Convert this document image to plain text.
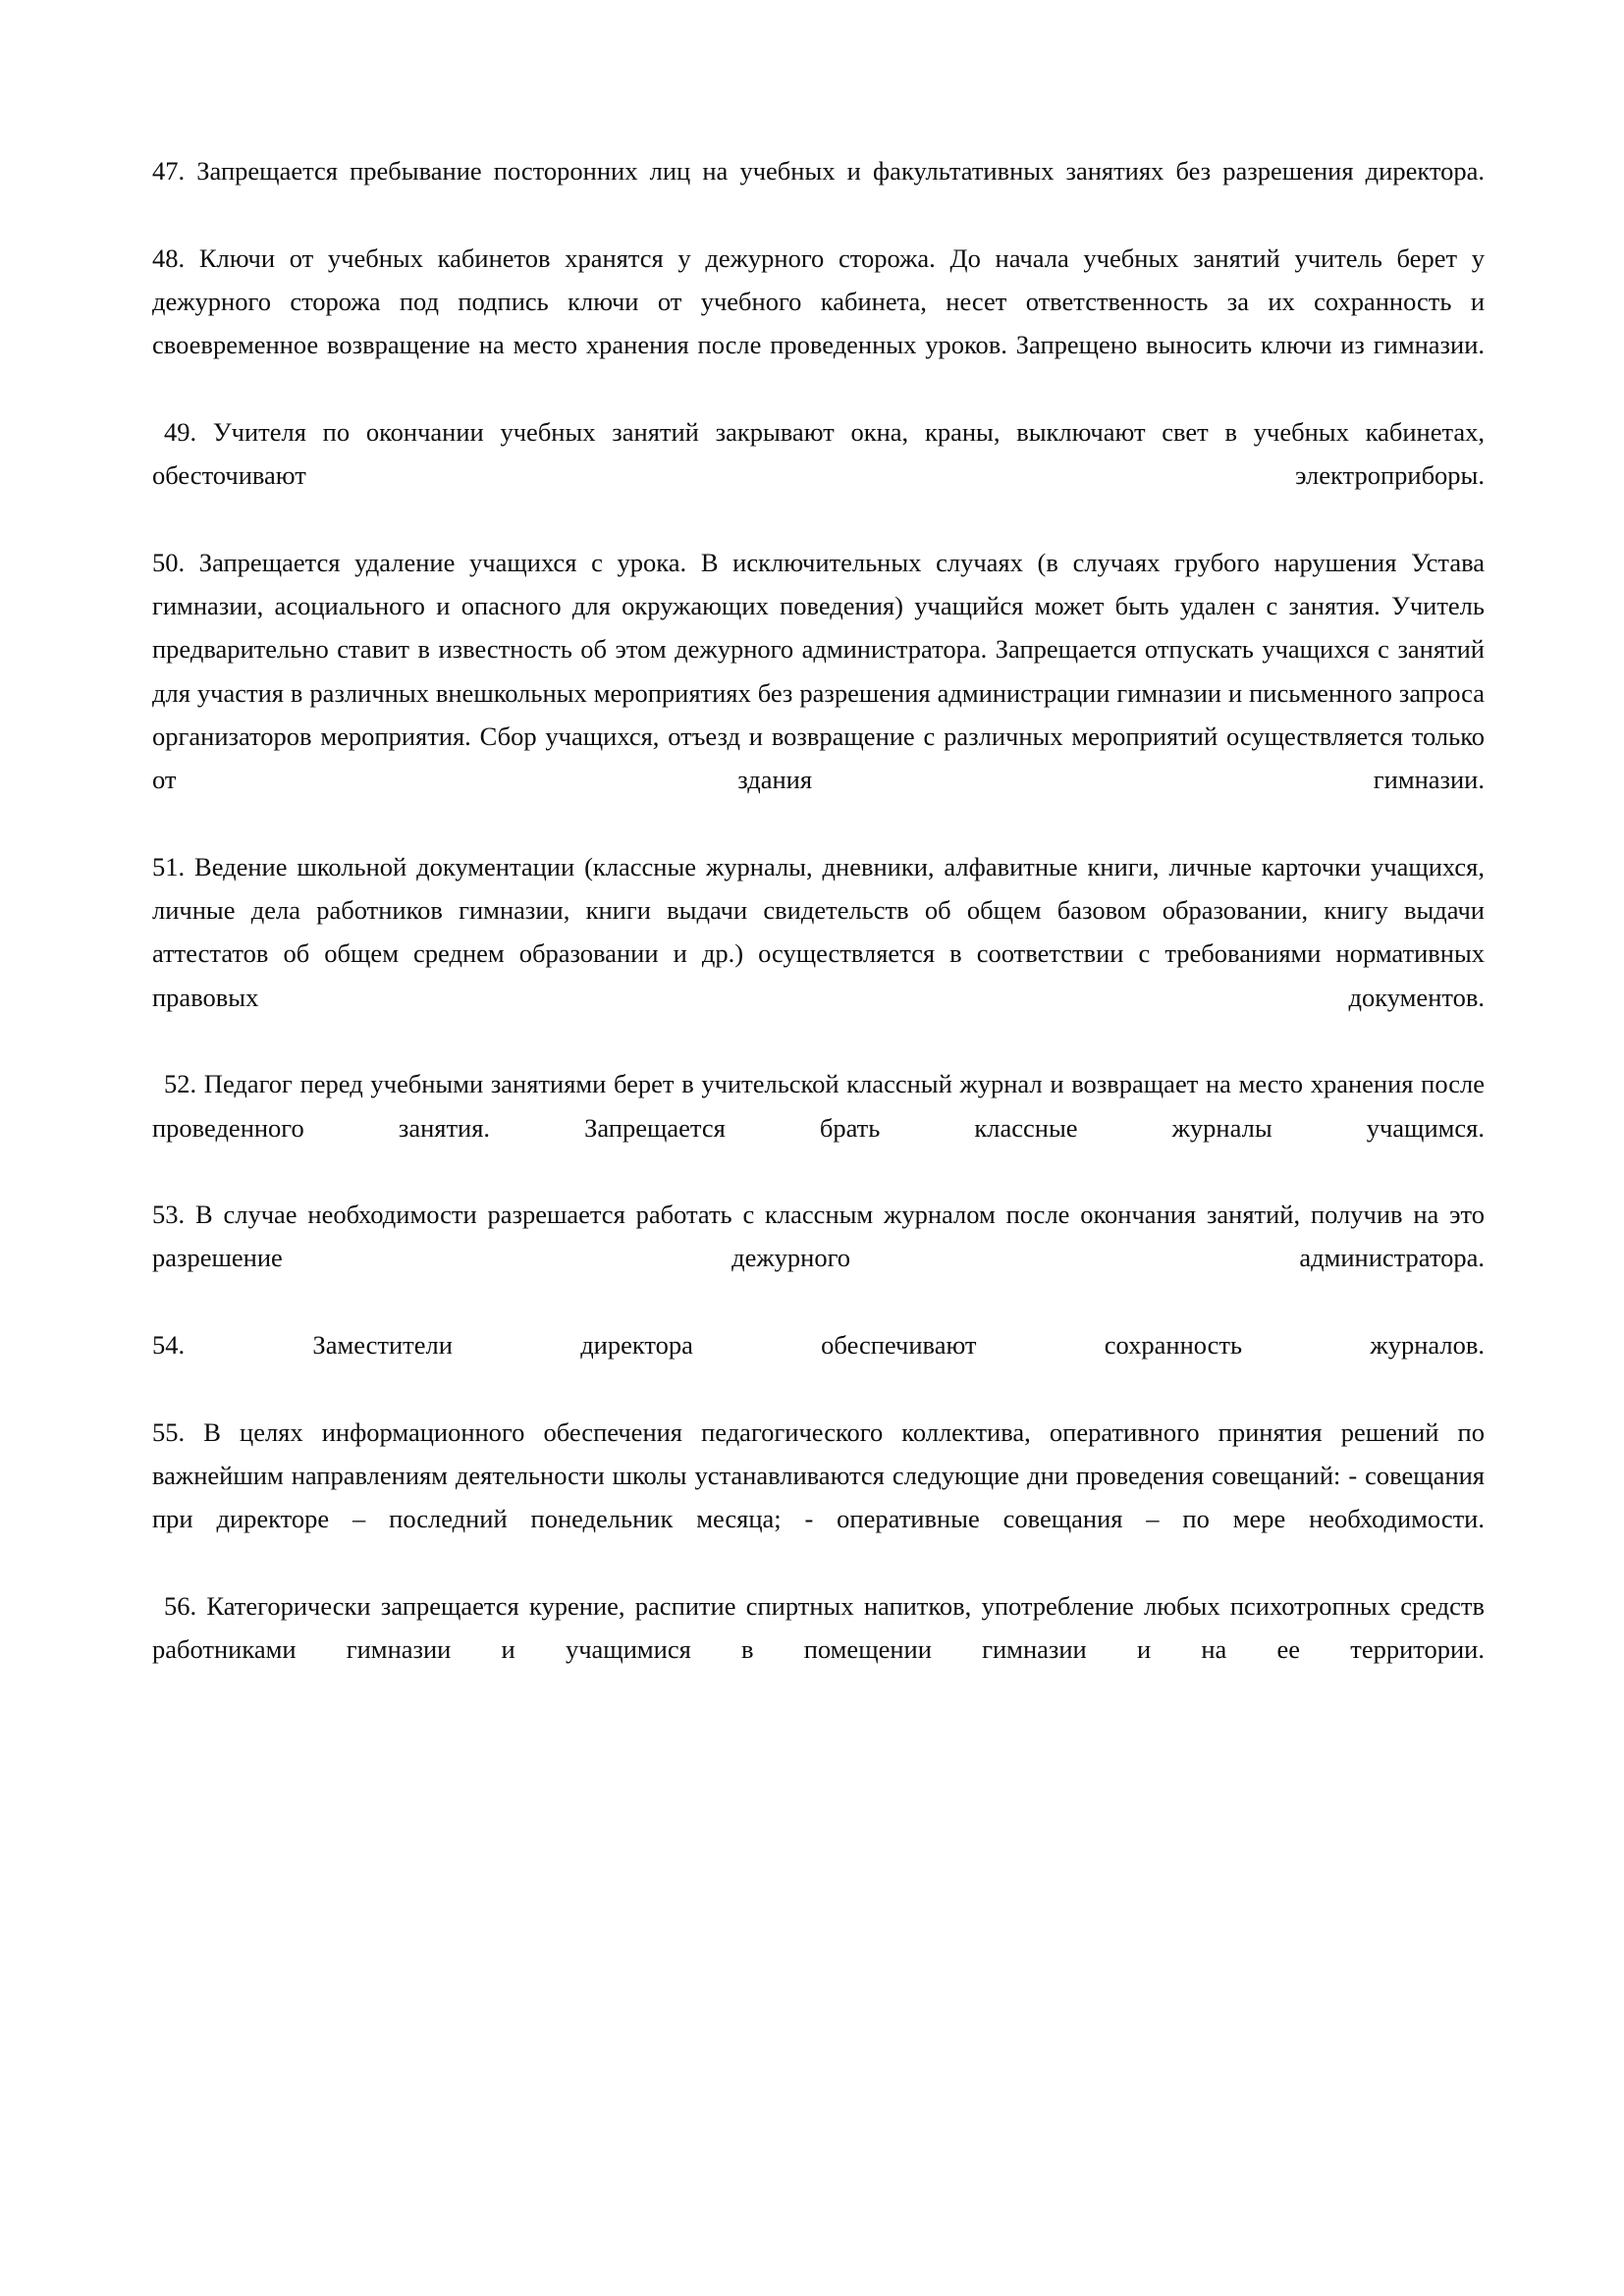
47. Запрещается пребывание посторонних лиц на учебных и факультативных занятиях без разрешения директора.

48. Ключи от учебных кабинетов хранятся у дежурного сторожа. До начала учебных занятий учитель берет у дежурного сторожа под подпись ключи от учебного кабинета, несет ответственность за их сохранность и своевременное возвращение на место хранения после проведенных уроков. Запрещено выносить ключи из гимназии.

49. Учителя по окончании учебных занятий закрывают окна, краны, выключают свет в учебных кабинетах, обесточивают электроприборы.

50. Запрещается удаление учащихся с урока. В исключительных случаях (в случаях грубого нарушения Устава гимназии, асоциального и опасного для окружающих поведения) учащийся может быть удален с занятия. Учитель предварительно ставит в известность об этом дежурного администратора. Запрещается отпускать учащихся с занятий для участия в различных внешкольных мероприятиях без разрешения администрации гимназии и письменного запроса организаторов мероприятия. Сбор учащихся, отъезд и возвращение с различных мероприятий осуществляется только от здания гимназии.

51. Ведение школьной документации (классные журналы, дневники, алфавитные книги, личные карточки учащихся, личные дела работников гимназии, книги выдачи свидетельств об общем базовом образовании, книгу выдачи аттестатов об общем среднем образовании и др.) осуществляется в соответствии с требованиями нормативных правовых документов.

52. Педагог перед учебными занятиями берет в учительской классный журнал и возвращает на место хранения после проведенного занятия. Запрещается брать классные журналы учащимся.

53. В случае необходимости разрешается работать с классным журналом после окончания занятий, получив на это разрешение дежурного администратора.

54. Заместители директора обеспечивают сохранность журналов.

55. В целях информационного обеспечения педагогического коллектива, оперативного принятия решений по важнейшим направлениям деятельности школы устанавливаются следующие дни проведения совещаний: - совещания при директоре – последний понедельник месяца; - оперативные совещания – по мере необходимости.

56. Категорически запрещается курение, распитие спиртных напитков, употребление любых психотропных средств работниками гимназии и учащимися в помещении гимназии и на ее территории.
